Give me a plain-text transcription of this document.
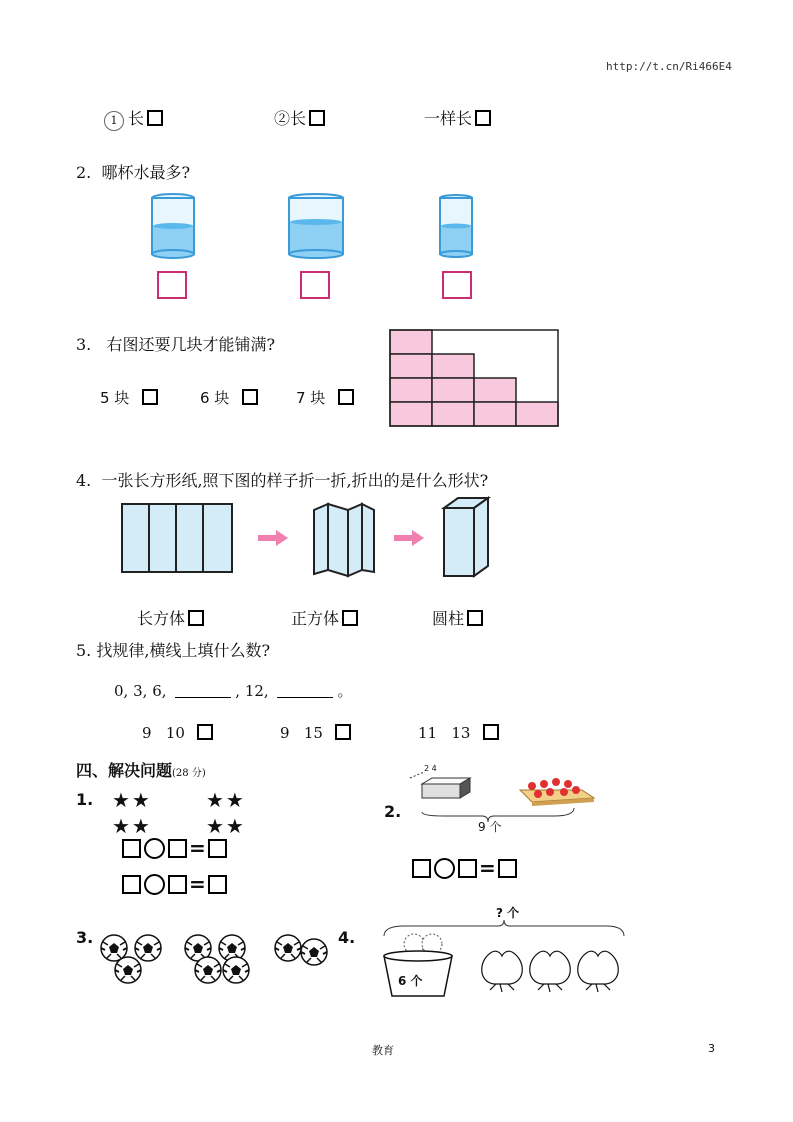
http://t.cn/Ri466E4
1 长	②长	一样长
2. 哪杯水最多?
3. 右图还要几块才能铺满?
5 块	6 块	7 块
4. 一张长方形纸,照下图的样子折一折,折出的是什么形状?
长方体	正方体	圆柱
5. 找规律,横线上填什么数?
0, 3, 6,	, 12,	。
9   10	9   15	11   13
四、解决问题(28 分)
1. ★★	★★
★★	★★
=
=
2.
2 4
9 个
=
3.	4.
? 个
6 个
教育	3
